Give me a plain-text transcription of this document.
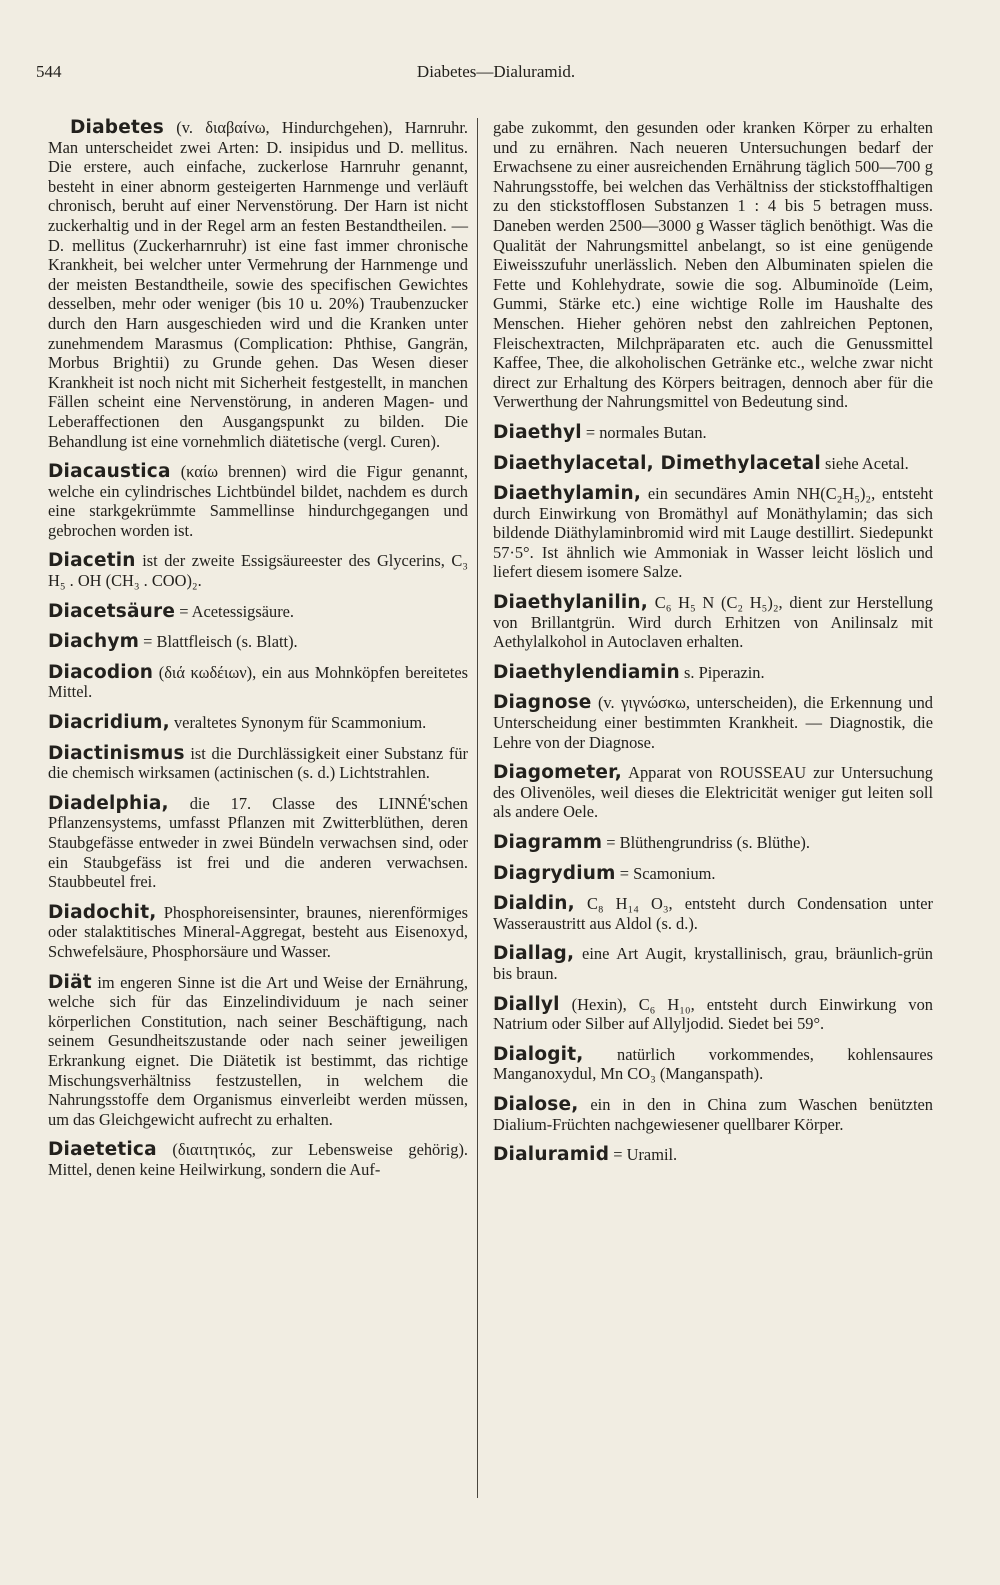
544	Diabetes—Dialuramid.

Diabetes (v. διαβαίνω, Hindurchgehen), Harnruhr. Man unterscheidet zwei Arten: D. insipidus und D. mellitus. Die erstere, auch einfache, zuckerlose Harnruhr genannt, besteht in einer abnorm gesteigerten Harnmenge und verläuft chronisch, beruht auf einer Nervenstörung. Der Harn ist nicht zuckerhaltig und in der Regel arm an festen Bestandtheilen. — D. mellitus (Zuckerharnruhr) ist eine fast immer chronische Krankheit, bei welcher unter Vermehrung der Harnmenge und der meisten Bestandtheile, sowie des specifischen Gewichtes desselben, mehr oder weniger (bis 10 u. 20%) Traubenzucker durch den Harn ausgeschieden wird und die Kranken unter zunehmendem Marasmus (Complication: Phthise, Gangrän, Morbus Brightii) zu Grunde gehen. Das Wesen dieser Krankheit ist noch nicht mit Sicherheit festgestellt, in manchen Fällen scheint eine Nervenstörung, in anderen Magen- und Leberaffectionen den Ausgangspunkt zu bilden. Die Behandlung ist eine vornehmlich diätetische (vergl. Curen).

Diacaustica (καίω brennen) wird die Figur genannt, welche ein cylindrisches Lichtbündel bildet, nachdem es durch eine starkgekrümmte Sammellinse hindurchgegangen und gebrochen worden ist.

Diacetin ist der zweite Essigsäureester des Glycerins, C₃ H₅ . OH (CH₃ . COO)₂.

Diacetsäure = Acetessigsäure.

Diachym = Blattfleisch (s. Blatt).

Diacodion (διά κωδέιων), ein aus Mohnköpfen bereitetes Mittel.

Diacridium, veraltetes Synonym für Scammonium.

Diactinismus ist die Durchlässigkeit einer Substanz für die chemisch wirksamen (actinischen (s. d.) Lichtstrahlen.

Diadelphia, die 17. Classe des LINNÉ'schen Pflanzensystems, umfasst Pflanzen mit Zwitterblüthen, deren Staubgefässe entweder in zwei Bündeln verwachsen sind, oder ein Staubgefäss ist frei und die anderen verwachsen. Staubbeutel frei.

Diadochit, Phosphoreisensinter, braunes, nierenförmiges oder stalaktitisches Mineral-Aggregat, besteht aus Eisenoxyd, Schwefelsäure, Phosphorsäure und Wasser.

Diät im engeren Sinne ist die Art und Weise der Ernährung, welche sich für das Einzelindividuum je nach seiner körperlichen Constitution, nach seiner Beschäftigung, nach seinem Gesundheitszustande oder nach seiner jeweiligen Erkrankung eignet. Die Diätetik ist bestimmt, das richtige Mischungsverhältniss festzustellen, in welchem die Nahrungsstoffe dem Organismus einverleibt werden müssen, um das Gleichgewicht aufrecht zu erhalten.

Diaetetica (διαιτητικός, zur Lebensweise gehörig). Mittel, denen keine Heilwirkung, sondern die Auf-

gabe zukommt, den gesunden oder kranken Körper zu erhalten und zu ernähren. Nach neueren Untersuchungen bedarf der Erwachsene zu einer ausreichenden Ernährung täglich 500—700 g Nahrungsstoffe, bei welchen das Verhältniss der stickstoffhaltigen zu den stickstofflosen Substanzen 1 : 4 bis 5 betragen muss. Daneben werden 2500—3000 g Wasser täglich benöthigt. Was die Qualität der Nahrungsmittel anbelangt, so ist eine genügende Eiweisszufuhr unerlässlich. Neben den Albuminaten spielen die Fette und Kohlehydrate, sowie die sog. Albuminoïde (Leim, Gummi, Stärke etc.) eine wichtige Rolle im Haushalte des Menschen. Hieher gehören nebst den zahlreichen Peptonen, Fleischextracten, Milchpräparaten etc. auch die Genussmittel Kaffee, Thee, die alkoholischen Getränke etc., welche zwar nicht direct zur Erhaltung des Körpers beitragen, dennoch aber für die Verwerthung der Nahrungsmittel von Bedeutung sind.

Diaethyl = normales Butan.

Diaethylacetal, Dimethylacetal siehe Acetal.

Diaethylamin, ein secundäres Amin NH(C₂H₅)₂, entsteht durch Einwirkung von Bromäthyl auf Monäthylamin; das sich bildende Diäthylaminbromid wird mit Lauge destillirt. Siedepunkt 57·5°. Ist ähnlich wie Ammoniak in Wasser leicht löslich und liefert diesem isomere Salze.

Diaethylanilin, C₆ H₅ N (C₂ H₅)₂, dient zur Herstellung von Brillantgrün. Wird durch Erhitzen von Anilinsalz mit Aethylalkohol in Autoclaven erhalten.

Diaethylendiamin s. Piperazin.

Diagnose (v. γιγνώσκω, unterscheiden), die Erkennung und Unterscheidung einer bestimmten Krankheit. — Diagnostik, die Lehre von der Diagnose.

Diagometer, Apparat von ROUSSEAU zur Untersuchung des Olivenöles, weil dieses die Elektricität weniger gut leiten soll als andere Oele.

Diagramm = Blüthengrundriss (s. Blüthe).

Diagrydium = Scamonium.

Dialdin, C₈ H₁₄ O₃, entsteht durch Condensation unter Wasseraustritt aus Aldol (s. d.).

Diallag, eine Art Augit, krystallinisch, grau, bräunlich-grün bis braun.

Diallyl (Hexin), C₆ H₁₀, entsteht durch Einwirkung von Natrium oder Silber auf Allyljodid. Siedet bei 59°.

Dialogit, natürlich vorkommendes, kohlensaures Manganoxydul, Mn CO₃ (Manganspath).

Dialose, ein in den in China zum Waschen benützten Dialium-Früchten nachgewiesener quellbarer Körper.

Dialuramid = Uramil.
